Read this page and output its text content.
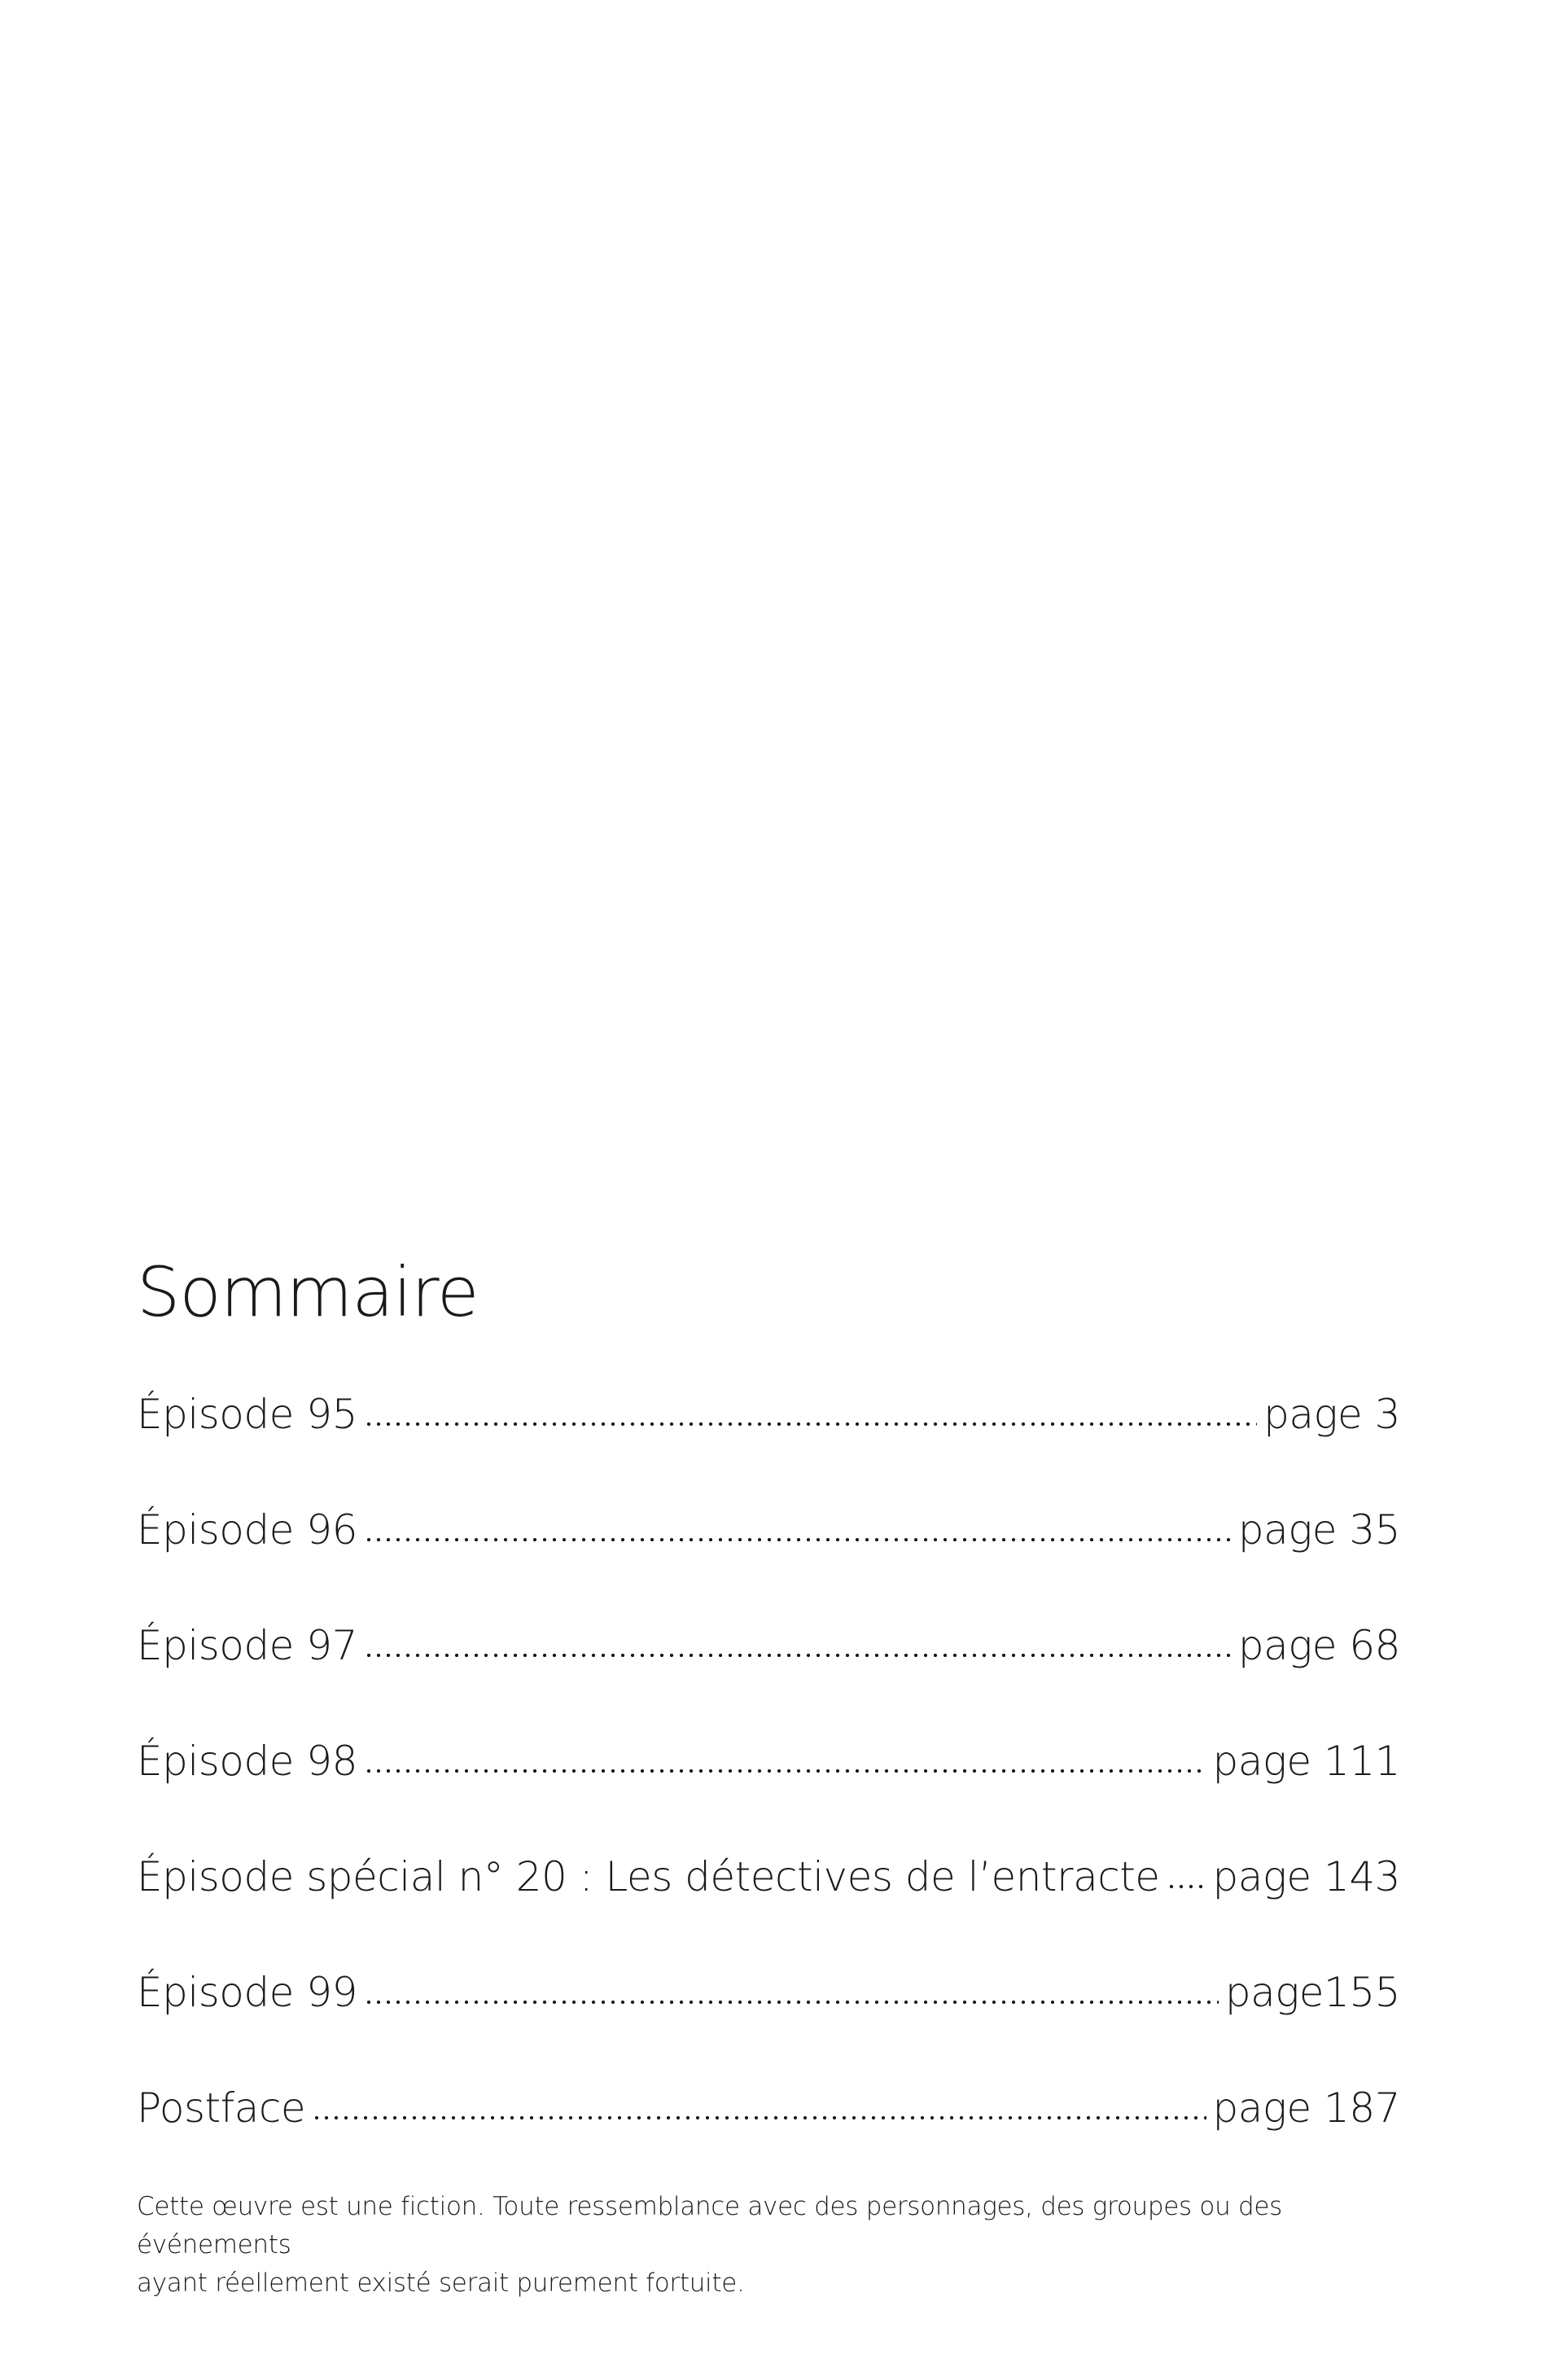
Sommaire
Épisode 95	page 3
Épisode 96	page 35
Épisode 97	page 68
Épisode 98	page 111
Épisode spécial n° 20 : Les détectives de l’entracte page 143
Épisode 99	page155
Postface	page 187
Cette œuvre est une fiction. Toute ressemblance avec des personnages, des groupes ou des événements
ayant réellement existé serait purement fortuite.
